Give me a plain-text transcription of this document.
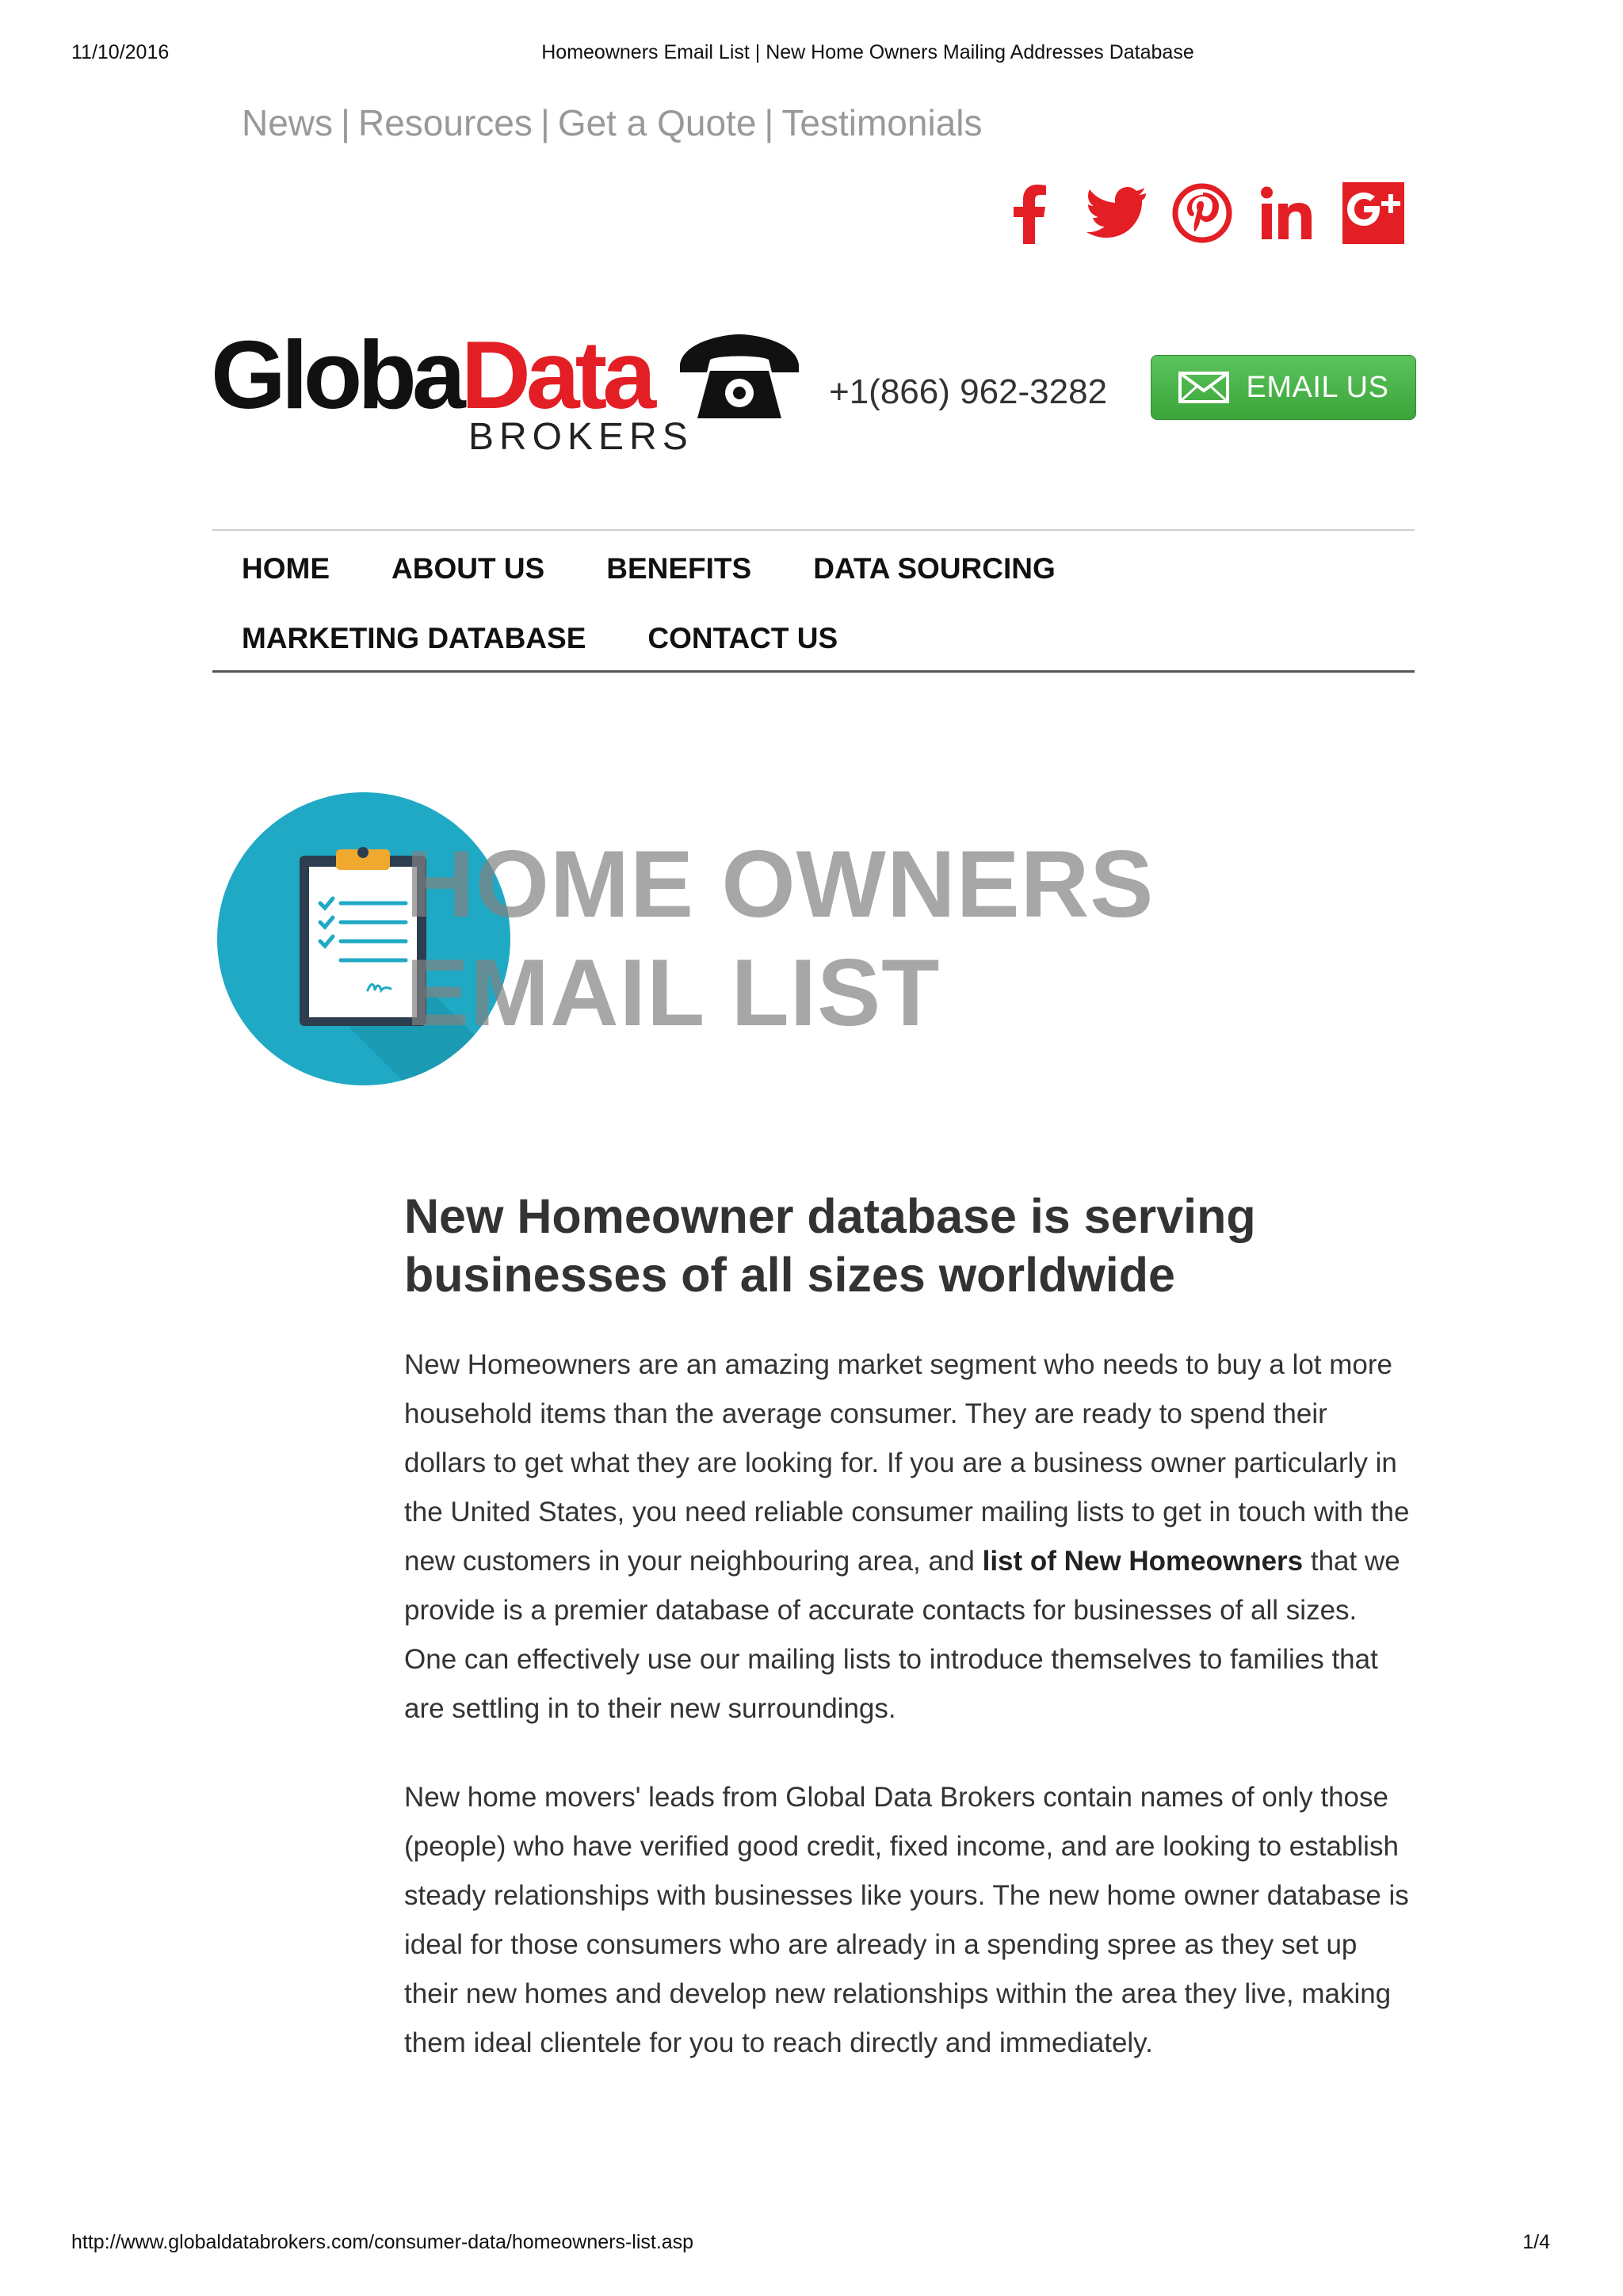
11/10/2016	Homeowners Email List | New Home Owners Mailing Addresses Database
News | Resources | Get a Quote | Testimonials
GlobaData
BROKERS
+1(866) 962-3282	EMAIL US
HOME ABOUT US BENEFITS DATA SOURCING
MARKETING DATABASE CONTACT US
HOME OWNERS
EMAIL LIST
New Homeowner database is serving
businesses of all sizes worldwide

New Homeowners are an amazing market segment who needs to buy a lot more household items than the average consumer. They are ready to spend their dollars to get what they are looking for. If you are a business owner particularly in the United States, you need reliable consumer mailing lists to get in touch with the new customers in your neighbouring area, and list of New Homeowners that we provide is a premier database of accurate contacts for businesses of all sizes. One can effectively use our mailing lists to introduce themselves to families that are settling in to their new surroundings.

New home movers' leads from Global Data Brokers contain names of only those (people) who have verified good credit, fixed income, and are looking to establish steady relationships with businesses like yours. The new home owner database is ideal for those consumers who are already in a spending spree as they set up their new homes and develop new relationships within the area they live, making them ideal clientele for you to reach directly and immediately.

http://www.globaldatabrokers.com/consumer-data/homeowners-list.asp	1/4
